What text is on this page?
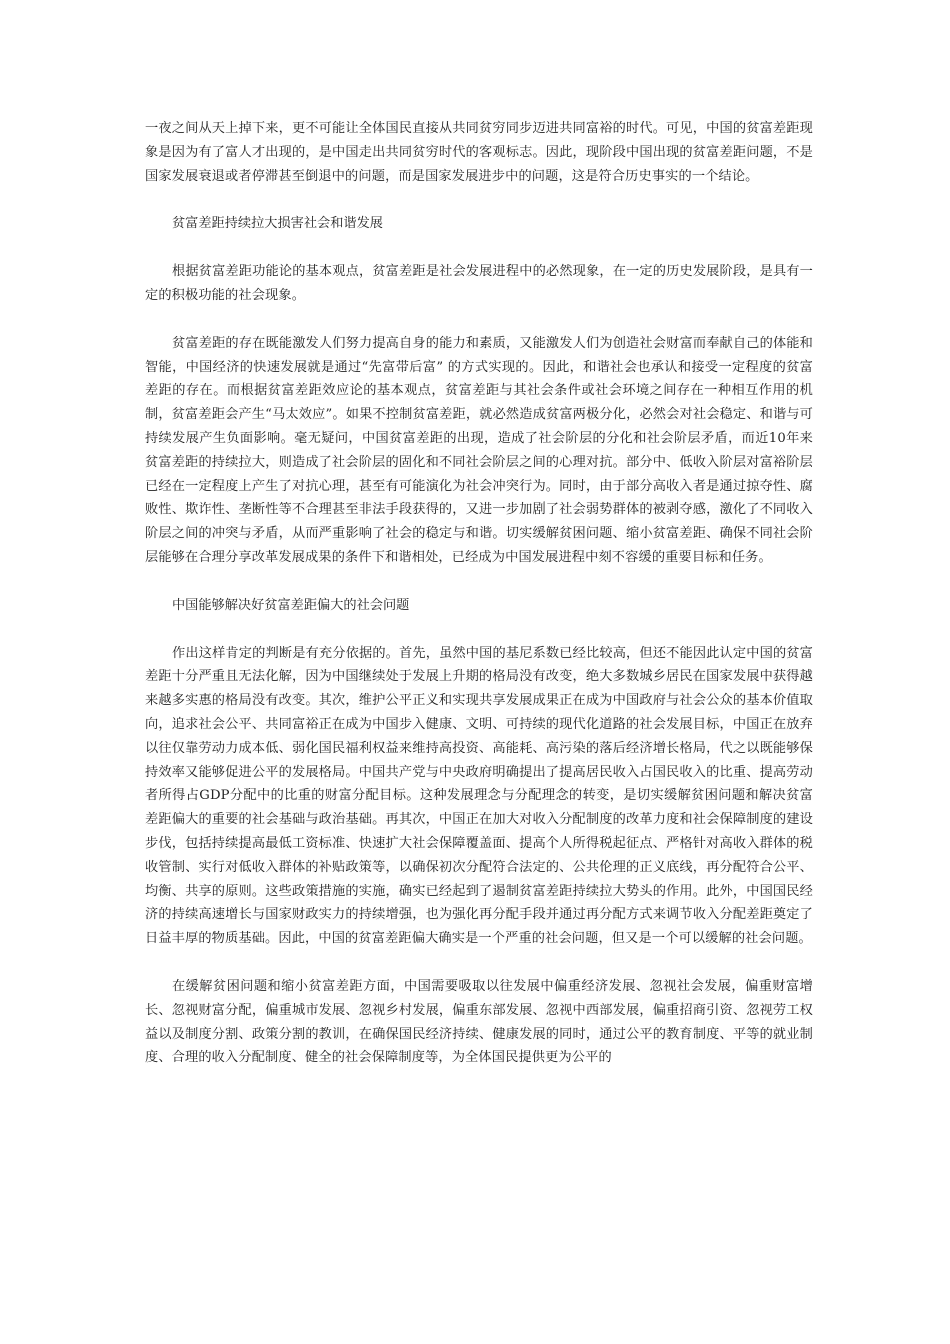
一夜之间从天上掉下来，更不可能让全体国民直接从共同贫穷同步迈进共同富裕的时代。可见，中国的贫富差距现象是因为有了富人才出现的，是中国走出共同贫穷时代的客观标志。因此，现阶段中国出现的贫富差距问题，不是国家发展衰退或者停滞甚至倒退中的问题，而是国家发展进步中的问题，这是符合历史事实的一个结论。

贫富差距持续拉大损害社会和谐发展

根据贫富差距功能论的基本观点，贫富差距是社会发展进程中的必然现象，在一定的历史发展阶段，是具有一定的积极功能的社会现象。

贫富差距的存在既能激发人们努力提高自身的能力和素质，又能激发人们为创造社会财富而奉献自己的体能和智能，中国经济的快速发展就是通过“先富带后富” 的方式实现的。因此，和谐社会也承认和接受一定程度的贫富差距的存在。而根据贫富差距效应论的基本观点，贫富差距与其社会条件或社会环境之间存在一种相互作用的机制，贫富差距会产生“马太效应”。如果不控制贫富差距，就必然造成贫富两极分化，必然会对社会稳定、和谐与可持续发展产生负面影响。毫无疑问，中国贫富差距的出现，造成了社会阶层的分化和社会阶层矛盾，而近10年来贫富差距的持续拉大，则造成了社会阶层的固化和不同社会阶层之间的心理对抗。部分中、低收入阶层对富裕阶层已经在一定程度上产生了对抗心理，甚至有可能演化为社会冲突行为。同时，由于部分高收入者是通过掠夺性、腐败性、欺诈性、垄断性等不合理甚至非法手段获得的，又进一步加剧了社会弱势群体的被剥夺感，激化了不同收入阶层之间的冲突与矛盾，从而严重影响了社会的稳定与和谐。切实缓解贫困问题、缩小贫富差距、确保不同社会阶层能够在合理分享改革发展成果的条件下和谐相处，已经成为中国发展进程中刻不容缓的重要目标和任务。

中国能够解决好贫富差距偏大的社会问题

作出这样肯定的判断是有充分依据的。首先，虽然中国的基尼系数已经比较高，但还不能因此认定中国的贫富差距十分严重且无法化解，因为中国继续处于发展上升期的格局没有改变，绝大多数城乡居民在国家发展中获得越来越多实惠的格局没有改变。其次，维护公平正义和实现共享发展成果正在成为中国政府与社会公众的基本价值取向，追求社会公平、共同富裕正在成为中国步入健康、文明、可持续的现代化道路的社会发展目标，中国正在放弃以往仅靠劳动力成本低、弱化国民福利权益来维持高投资、高能耗、高污染的落后经济增长格局，代之以既能够保持效率又能够促进公平的发展格局。中国共产党与中央政府明确提出了提高居民收入占国民收入的比重、提高劳动者所得占GDP分配中的比重的财富分配目标。这种发展理念与分配理念的转变，是切实缓解贫困问题和解决贫富差距偏大的重要的社会基础与政治基础。再其次，中国正在加大对收入分配制度的改革力度和社会保障制度的建设步伐，包括持续提高最低工资标准、快速扩大社会保障覆盖面、提高个人所得税起征点、严格针对高收入群体的税收管制、实行对低收入群体的补贴政策等，以确保初次分配符合法定的、公共伦理的正义底线，再分配符合公平、均衡、共享的原则。这些政策措施的实施，确实已经起到了遏制贫富差距持续拉大势头的作用。此外，中国国民经济的持续高速增长与国家财政实力的持续增强，也为强化再分配手段并通过再分配方式来调节收入分配差距奠定了日益丰厚的物质基础。因此，中国的贫富差距偏大确实是一个严重的社会问题，但又是一个可以缓解的社会问题。

在缓解贫困问题和缩小贫富差距方面，中国需要吸取以往发展中偏重经济发展、忽视社会发展，偏重财富增长、忽视财富分配，偏重城市发展、忽视乡村发展，偏重东部发展、忽视中西部发展，偏重招商引资、忽视劳工权益以及制度分割、政策分割的教训，在确保国民经济持续、健康发展的同时，通过公平的教育制度、平等的就业制度、合理的收入分配制度、健全的社会保障制度等，为全体国民提供更为公平的
